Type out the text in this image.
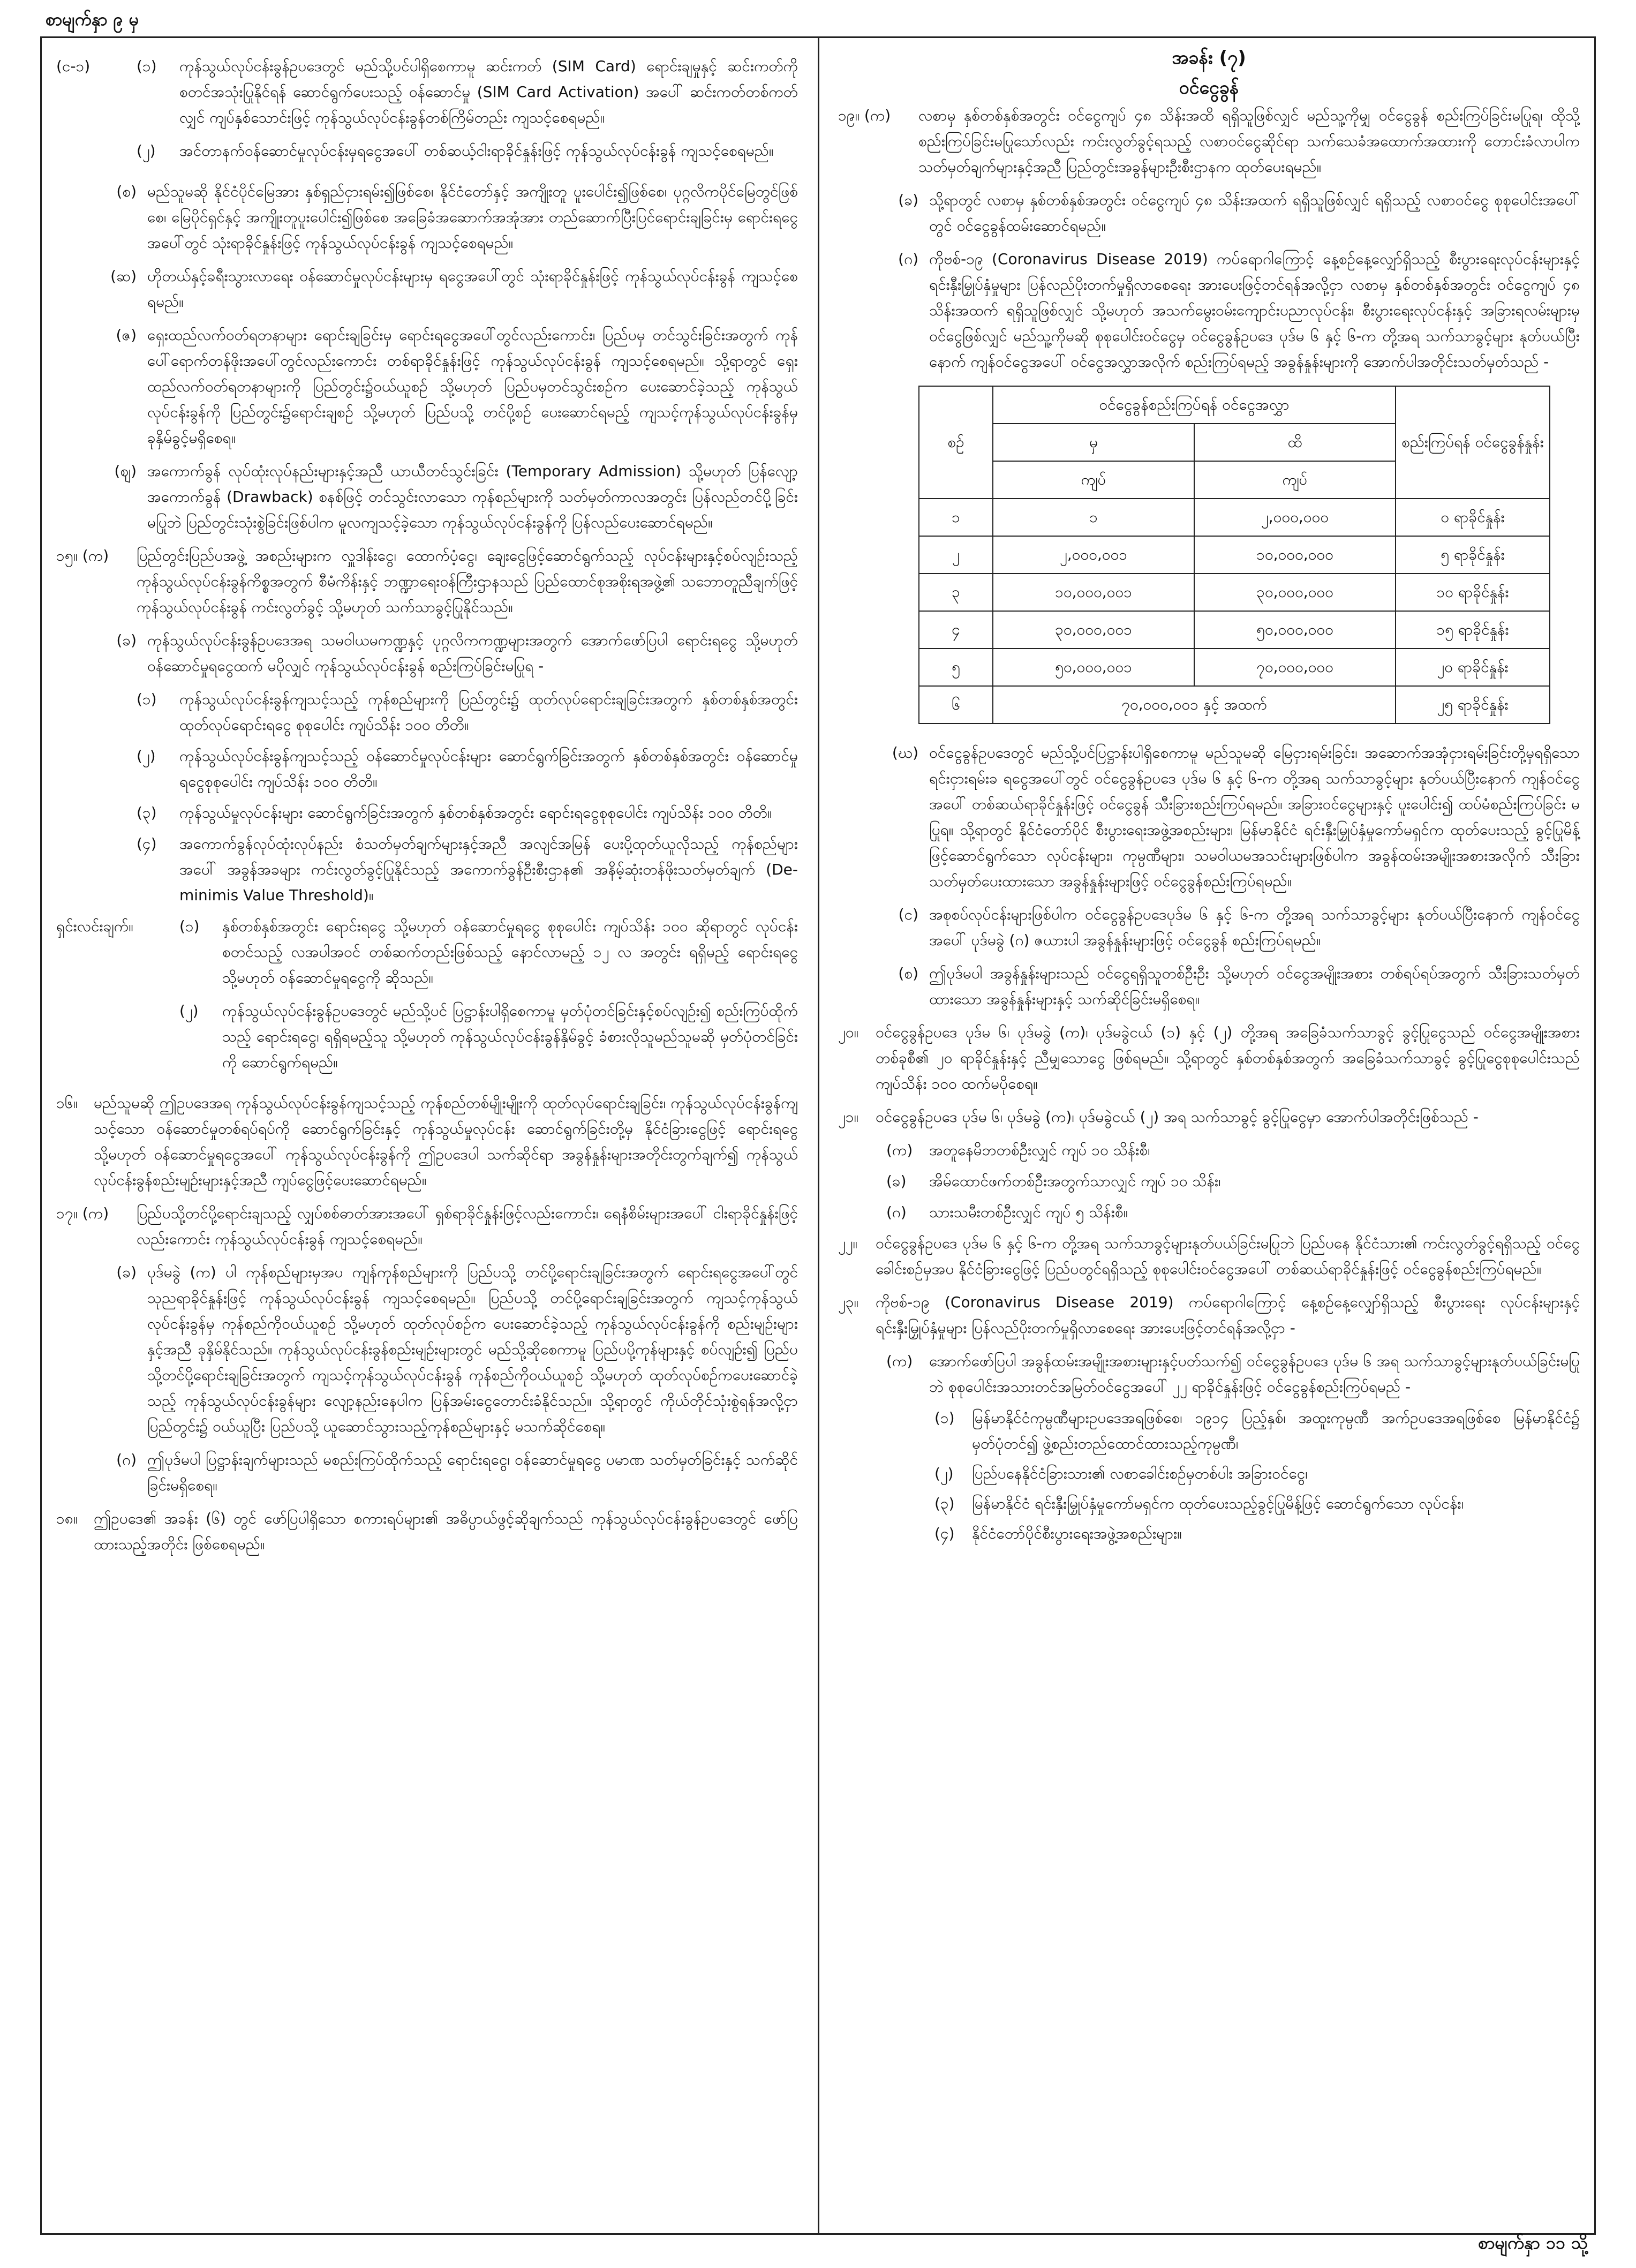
စာမျက်နှာ ၉ မှ
(င-၁)	(၁)	ကုန်သွယ်လုပ်ငန်းခွန်ဥပဒေတွင် မည်သို့ပင်ပါရှိစေကာမူ ဆင်းကတ် (SIM Card) ရောင်းချမှုနှင့် ဆင်းကတ်ကို စတင်အသုံးပြုနိုင်ရန် ဆောင်ရွက်ပေးသည့် ဝန်ဆောင်မှု (SIM Card Activation) အပေါ် ဆင်းကတ်တစ်ကတ်လျှင် ကျပ်နှစ်သောင်းဖြင့် ကုန်သွယ်လုပ်ငန်းခွန်တစ်ကြိမ်တည်း ကျသင့်စေရမည်။
(၂)	အင်တာနက်ဝန်ဆောင်မှုလုပ်ငန်းမှရငွေအပေါ် တစ်ဆယ့်ငါးရာခိုင်နှုန်းဖြင့် ကုန်သွယ်လုပ်ငန်းခွန် ကျသင့်စေရမည်။
(စ) မည်သူမဆို နိုင်ငံပိုင်မြေအား နှစ်ရှည်ငှားရမ်း၍ဖြစ်စေ၊ နိုင်ငံတော်နှင့် အကျိုးတူ ပူးပေါင်း၍ဖြစ်စေ၊ ပုဂ္ဂလိကပိုင်မြေတွင်ဖြစ်စေ၊ မြေပိုင်ရှင်နှင့် အကျိုးတူပူးပေါင်း၍ဖြစ်စေ အခြေခံအဆောက်အအုံအား တည်ဆောက်ပြီးပြင်ရောင်းချခြင်းမှ ရောင်းရငွေအပေါ်တွင် သုံးရာခိုင်နှုန်းဖြင့် ကုန်သွယ်လုပ်ငန်းခွန် ကျသင့်စေရမည်။
(ဆ) ဟိုတယ်နှင့်ခရီးသွားလာရေး ဝန်ဆောင်မှုလုပ်ငန်းများမှ ရငွေအပေါ်တွင် သုံးရာခိုင်နှုန်းဖြင့် ကုန်သွယ်လုပ်ငန်းခွန် ကျသင့်စေရမည်။
(ဇ) ရှေးထည်လက်ဝတ်ရတနာများ ရောင်းချခြင်းမှ ရောင်းရငွေအပေါ်တွင်လည်းကောင်း၊ ပြည်ပမှ တင်သွင်းခြင်းအတွက် ကုန်ပေါ်ရောက်တန်ဖိုးအပေါ်တွင်လည်းကောင်း တစ်ရာခိုင်နှုန်းဖြင့် ကုန်သွယ်လုပ်ငန်းခွန် ကျသင့်စေရမည်။ သို့ရာတွင် ရှေးထည်လက်ဝတ်ရတနာများကို ပြည်တွင်း၌ဝယ်ယူစဉ် သို့မဟုတ် ပြည်ပမှတင်သွင်းစဉ်က ပေးဆောင်ခဲ့သည့် ကုန်သွယ်လုပ်ငန်းခွန်ကို ပြည်တွင်း၌ရောင်းချစဉ် သို့မဟုတ် ပြည်ပသို့ တင်ပို့စဉ် ပေးဆောင်ရမည့် ကျသင့်ကုန်သွယ်လုပ်ငန်းခွန်မှ ခုနှိမ်ခွင့်မရှိစေရ။
(ဈ) အကောက်ခွန် လုပ်ထုံးလုပ်နည်းများနှင့်အညီ ယာယီတင်သွင်းခြင်း (Temporary Admission) သို့မဟုတ် ပြန်လျော့အကောက်ခွန် (Drawback) စနစ်ဖြင့် တင်သွင်းလာသော ကုန်စည်များကို သတ်မှတ်ကာလအတွင်း ပြန်လည်တင်ပို့ခြင်း မပြုဘဲ ပြည်တွင်းသုံးစွဲခြင်းဖြစ်ပါက မူလကျသင့်ခဲ့သော ကုန်သွယ်လုပ်ငန်းခွန်ကို ပြန်လည်ပေးဆောင်ရမည်။
၁၅။ (က)	ပြည်တွင်းပြည်ပအဖွဲ့ အစည်းများက လှူဒါန်းငွေ၊ ထောက်ပံ့ငွေ၊ ချေးငွေဖြင့်ဆောင်ရွက်သည့် လုပ်ငန်းများနှင့်စပ်လျဉ်းသည့် ကုန်သွယ်လုပ်ငန်းခွန်ကိစ္စအတွက် စီမံကိန်းနှင့် ဘဏ္ဍာရေးဝန်ကြီးဌာနသည် ပြည်ထောင်စုအစိုးရအဖွဲ့၏ သဘောတူညီချက်ဖြင့် ကုန်သွယ်လုပ်ငန်းခွန် ကင်းလွတ်ခွင့် သို့မဟုတ် သက်သာခွင့်ပြုနိုင်သည်။
(ခ) ကုန်သွယ်လုပ်ငန်းခွန်ဥပဒေအရ သမဝါယမကဏ္ဍနှင့် ပုဂ္ဂလိကကဏ္ဍများအတွက် အောက်ဖော်ပြပါ ရောင်းရငွေ သို့မဟုတ် ဝန်ဆောင်မှုရငွေထက် မပိုလျှင် ကုန်သွယ်လုပ်ငန်းခွန် စည်းကြပ်ခြင်းမပြုရ -
(၁)	ကုန်သွယ်လုပ်ငန်းခွန်ကျသင့်သည့် ကုန်စည်များကို ပြည်တွင်း၌ ထုတ်လုပ်ရောင်းချခြင်းအတွက် နှစ်တစ်နှစ်အတွင်း ထုတ်လုပ်ရောင်းရငွေ စုစုပေါင်း ကျပ်သိန်း ၁၀၀ တိတိ။
(၂)	ကုန်သွယ်လုပ်ငန်းခွန်ကျသင့်သည့် ဝန်ဆောင်မှုလုပ်ငန်းများ ဆောင်ရွက်ခြင်းအတွက် နှစ်တစ်နှစ်အတွင်း ဝန်ဆောင်မှုရငွေစုစုပေါင်း ကျပ်သိန်း ၁၀၀ တိတိ။
(၃)	ကုန်သွယ်မှုလုပ်ငန်းများ ဆောင်ရွက်ခြင်းအတွက် နှစ်တစ်နှစ်အတွင်း ရောင်းရငွေစုစုပေါင်း ကျပ်သိန်း ၁၀၀ တိတိ။
(၄)	အကောက်ခွန်လုပ်ထုံးလုပ်နည်း စံသတ်မှတ်ချက်များနှင့်အညီ အလျင်အမြန် ပေးပို့ထုတ်ယူလိုသည့် ကုန်စည်များအပေါ် အခွန်အခများ ကင်းလွတ်ခွင့်ပြုနိုင်သည့် အကောက်ခွန်ဦးစီးဌာန၏ အနိမ့်ဆုံးတန်ဖိုးသတ်မှတ်ချက် (De-minimis Value Threshold)။
ရှင်းလင်းချက်။	(၁)	နှစ်တစ်နှစ်အတွင်း ရောင်းရငွေ သို့မဟုတ် ဝန်ဆောင်မှုရငွေ စုစုပေါင်း ကျပ်သိန်း ၁၀၀ ဆိုရာတွင် လုပ်ငန်းစတင်သည့် လအပါအဝင် တစ်ဆက်တည်းဖြစ်သည့် နောင်လာမည့် ၁၂ လ အတွင်း ရရှိမည့် ရောင်းရငွေ သို့မဟုတ် ဝန်ဆောင်မှုရငွေကို ဆိုသည်။
(၂)	ကုန်သွယ်လုပ်ငန်းခွန်ဥပဒေတွင် မည်သို့ပင် ပြဋ္ဌာန်းပါရှိစေကာမူ မှတ်ပုံတင်ခြင်းနှင့်စပ်လျဉ်း၍ စည်းကြပ်ထိုက်သည့် ရောင်းရငွေ၊ ရရှိရမည့်သူ သို့မဟုတ် ကုန်သွယ်လုပ်ငန်းခွန်နှိမ်ခွင့် ခံစားလိုသူမည်သူမဆို မှတ်ပုံတင်ခြင်းကို ဆောင်ရွက်ရမည်။
၁၆။	မည်သူမဆို ဤဥပဒေအရ ကုန်သွယ်လုပ်ငန်းခွန်ကျသင့်သည့် ကုန်စည်တစ်မျိုးမျိုးကို ထုတ်လုပ်ရောင်းချခြင်း၊ ကုန်သွယ်လုပ်ငန်းခွန်ကျသင့်သော ဝန်ဆောင်မှုတစ်ရပ်ရပ်ကို ဆောင်ရွက်ခြင်းနှင့် ကုန်သွယ်မှုလုပ်ငန်း ဆောင်ရွက်ခြင်းတို့မှ နိုင်ငံခြားငွေဖြင့် ရောင်းရငွေ သို့မဟုတ် ဝန်ဆောင်မှုရငွေအပေါ် ကုန်သွယ်လုပ်ငန်းခွန်ကို ဤဥပဒေပါ သက်ဆိုင်ရာ အခွန်နှုန်းများအတိုင်းတွက်ချက်၍ ကုန်သွယ်လုပ်ငန်းခွန်စည်းမျဉ်းများနှင့်အညီ ကျပ်ငွေဖြင့်ပေးဆောင်ရမည်။
၁၇။ (က)	ပြည်ပသို့တင်ပို့ရောင်းချသည့် လျှပ်စစ်ဓာတ်အားအပေါ် ရှစ်ရာခိုင်နှုန်းဖြင့်လည်းကောင်း၊ ရေနံစိမ်းများအပေါ် ငါးရာခိုင်နှုန်းဖြင့်လည်းကောင်း ကုန်သွယ်လုပ်ငန်းခွန် ကျသင့်စေရမည်။
(ခ) ပုဒ်မခွဲ (က) ပါ ကုန်စည်များမှအပ ကျန်ကုန်စည်များကို ပြည်ပသို့ တင်ပို့ရောင်းချခြင်းအတွက် ရောင်းရငွေအပေါ်တွင် သုညရာခိုင်နှုန်းဖြင့် ကုန်သွယ်လုပ်ငန်းခွန် ကျသင့်စေရမည်။ ပြည်ပသို့ တင်ပို့ရောင်းချခြင်းအတွက် ကျသင့်ကုန်သွယ်လုပ်ငန်းခွန်မှ ကုန်စည်ကိုဝယ်ယူစဉ် သို့မဟုတ် ထုတ်လုပ်စဉ်က ပေးဆောင်ခဲ့သည့် ကုန်သွယ်လုပ်ငန်းခွန်ကို စည်းမျဉ်းများနှင့်အညီ ခုနှိမ်နိုင်သည်။ ကုန်သွယ်လုပ်ငန်းခွန်စည်းမျဉ်းများတွင် မည်သို့ဆိုစေကာမူ ပြည်ပပို့ကုန်များနှင့် စပ်လျဉ်း၍ ပြည်ပသို့တင်ပို့ရောင်းချခြင်းအတွက် ကျသင့်ကုန်သွယ်လုပ်ငန်းခွန် ကုန်စည်ကိုဝယ်ယူစဉ် သို့မဟုတ် ထုတ်လုပ်စဉ်ကပေးဆောင်ခဲ့သည့် ကုန်သွယ်လုပ်ငန်းခွန်များ လျော့နည်းနေပါက ပြန်အမ်းငွေတောင်းခံနိုင်သည်။ သို့ရာတွင် ကိုယ်တိုင်သုံးစွဲရန်အလို့ငှာ ပြည်တွင်း၌ ဝယ်ယူပြီး ပြည်ပသို့ ယူဆောင်သွားသည့်ကုန်စည်များနှင့် မသက်ဆိုင်စေရ။
(ဂ) ဤပုဒ်မပါ ပြဋ္ဌာန်းချက်များသည် မစည်းကြပ်ထိုက်သည့် ရောင်းရငွေ၊ ဝန်ဆောင်မှုရငွေ ပမာဏ သတ်မှတ်ခြင်းနှင့် သက်ဆိုင်ခြင်းမရှိစေရ။
၁၈။	ဤဥပဒေ၏ အခန်း (၆) တွင် ဖော်ပြပါရှိသော စကားရပ်များ၏ အဓိပ္ပာယ်ဖွင့်ဆိုချက်သည် ကုန်သွယ်လုပ်ငန်းခွန်ဥပဒေတွင် ဖော်ပြထားသည့်အတိုင်း ဖြစ်စေရမည်။
အခန်း (၇)
ဝင်ငွေခွန်
၁၉။ (က)	လစာမှ နှစ်တစ်နှစ်အတွင်း ဝင်ငွေကျပ် ၄၈ သိန်းအထိ ရရှိသူဖြစ်လျှင် မည်သူ့ကိုမျှ ဝင်ငွေခွန် စည်းကြပ်ခြင်းမပြုရ၊ ထိုသို့ စည်းကြပ်ခြင်းမပြုသော်လည်း ကင်းလွတ်ခွင့်ရသည့် လစာဝင်ငွေဆိုင်ရာ သက်သေခံအထောက်အထားကို တောင်းခံလာပါက သတ်မှတ်ချက်များနှင့်အညီ ပြည်တွင်းအခွန်များဦးစီးဌာနက ထုတ်ပေးရမည်။
(ခ) သို့ရာတွင် လစာမှ နှစ်တစ်နှစ်အတွင်း ဝင်ငွေကျပ် ၄၈ သိန်းအထက် ရရှိသူဖြစ်လျှင် ရရှိသည့် လစာဝင်ငွေ စုစုပေါင်းအပေါ်တွင် ဝင်ငွေခွန်ထမ်းဆောင်ရမည်။
(ဂ) ကိုဗစ်-၁၉ (Coronavirus Disease 2019) ကပ်ရောဂါကြောင့် နေ့စဉ်နေ့လျှော်ရှိသည့် စီးပွားရေးလုပ်ငန်းများနှင့် ရင်းနှီးမြှုပ်နှံမှုများ ပြန်လည်ပိုးတက်မှုရှိလာစေရေး အားပေးဖြင့်တင်ရန်အလို့ငှာ လစာမှ နှစ်တစ်နှစ်အတွင်း ဝင်ငွေကျပ် ၄၈ သိန်းအထက် ရရှိသူဖြစ်လျှင် သို့မဟုတ် အသက်မွေးဝမ်းကျောင်းပညာလုပ်ငန်း၊ စီးပွားရေးလုပ်ငန်းနှင့် အခြားရလမ်းများမှ ဝင်ငွေဖြစ်လျှင် မည်သူ့ကိုမဆို စုစုပေါင်းဝင်ငွေမှ ဝင်ငွေခွန်ဥပဒေ ပုဒ်မ ၆ နှင့် ၆-က တို့အရ သက်သာခွင့်များ နုတ်ပယ်ပြီးနောက် ကျန်ဝင်ငွေအပေါ် ဝင်ငွေအလွှာအလိုက် စည်းကြပ်ရမည့် အခွန်နှုန်းများကို အောက်ပါအတိုင်းသတ်မှတ်သည် -
စဉ်	ဝင်ငွေခွန်စည်းကြပ်ရန် ဝင်ငွေအလွှာ		စည်းကြပ်ရန် ဝင်ငွေခွန်နှုန်း
	မှ	ထိ	
	ကျပ်	ကျပ်	
၁	၁	၂,၀၀၀,၀၀၀	၀ ရာခိုင်နှုန်း
၂	၂,၀၀၀,၀၀၁	၁၀,၀၀၀,၀၀၀	၅ ရာခိုင်နှုန်း
၃	၁၀,၀၀၀,၀၀၁	၃၀,၀၀၀,၀၀၀	၁၀ ရာခိုင်နှုန်း
၄	၃၀,၀၀၀,၀၀၁	၅၀,၀၀၀,၀၀၀	၁၅ ရာခိုင်နှုန်း
၅	၅၀,၀၀၀,၀၀၁	၇၀,၀၀၀,၀၀၀	၂၀ ရာခိုင်နှုန်း
၆	၇၀,၀၀၀,၀၀၁ နှင့် အထက်		၂၅ ရာခိုင်နှုန်း
(ဃ) ဝင်ငွေခွန်ဥပဒေတွင် မည်သို့ပင်ပြဋ္ဌာန်းပါရှိစေကာမူ မည်သူမဆို မြေငှားရမ်းခြင်း၊ အဆောက်အအုံငှားရမ်းခြင်းတို့မှရရှိသော ရင်းငှားရမ်းခ ရငွေအပေါ်တွင် ဝင်ငွေခွန်ဥပဒေ ပုဒ်မ ၆ နှင့် ၆-က တို့အရ သက်သာခွင့်များ နုတ်ပယ်ပြီးနောက် ကျန်ဝင်ငွေအပေါ် တစ်ဆယ်ရာခိုင်နှုန်းဖြင့် ဝင်ငွေခွန် သီးခြားစည်းကြပ်ရမည်။ အခြားဝင်ငွေများနှင့် ပူးပေါင်း၍ ထပ်မံစည်းကြပ်ခြင်း မပြုရ။ သို့ရာတွင် နိုင်ငံတော်ပိုင် စီးပွားရေးအဖွဲ့အစည်းများ၊ မြန်မာနိုင်ငံ ရင်းနှီးမြှုပ်နှံမှုကော်မရှင်က ထုတ်ပေးသည့် ခွင့်ပြုမိန့်ဖြင့်ဆောင်ရွက်သော လုပ်ငန်းများ၊ ကုမ္ပဏီများ၊ သမဝါယမအသင်းများဖြစ်ပါက အခွန်ထမ်းအမျိုးအစားအလိုက် သီးခြားသတ်မှတ်ပေးထားသော အခွန်နှုန်းများဖြင့် ဝင်ငွေခွန်စည်းကြပ်ရမည်။
(င) အစုစပ်လုပ်ငန်းများဖြစ်ပါက ဝင်ငွေခွန်ဥပဒေပုဒ်မ ၆ နှင့် ၆-က တို့အရ သက်သာခွင့်များ နုတ်ပယ်ပြီးနောက် ကျန်ဝင်ငွေအပေါ် ပုဒ်မခွဲ (ဂ) ဇယားပါ အခွန်နှုန်းများဖြင့် ဝင်ငွေခွန် စည်းကြပ်ရမည်။
(စ) ဤပုဒ်မပါ အခွန်နှုန်းများသည် ဝင်ငွေရရှိသူတစ်ဦးဦး သို့မဟုတ် ဝင်ငွေအမျိုးအစား တစ်ရပ်ရပ်အတွက် သီးခြားသတ်မှတ်ထားသော အခွန်နှုန်းများနှင့် သက်ဆိုင်ခြင်းမရှိစေရ။
၂၀။	ဝင်ငွေခွန်ဥပဒေ ပုဒ်မ ၆၊ ပုဒ်မခွဲ (က)၊ ပုဒ်မခွဲငယ် (၁) နှင့် (၂) တို့အရ အခြေခံသက်သာခွင့် ခွင့်ပြုငွေသည် ဝင်ငွေအမျိုးအစားတစ်ခုစီ၏ ၂၀ ရာခိုင်နှုန်းနှင့် ညီမျှသောငွေ ဖြစ်ရမည်။ သို့ရာတွင် နှစ်တစ်နှစ်အတွက် အခြေခံသက်သာခွင့် ခွင့်ပြုငွေစုစုပေါင်းသည် ကျပ်သိန်း ၁၀၀ ထက်မပိုစေရ။
၂၁။	ဝင်ငွေခွန်ဥပဒေ ပုဒ်မ ၆၊ ပုဒ်မခွဲ (က)၊ ပုဒ်မခွဲငယ် (၂) အရ သက်သာခွင့် ခွင့်ပြုငွေမှာ အောက်ပါအတိုင်းဖြစ်သည် -
(က)	အတူနေမိဘတစ်ဦးလျှင် ကျပ် ၁၀ သိန်းစီ၊
(ခ)	အိမ်ထောင်ဖက်တစ်ဦးအတွက်သာလျှင် ကျပ် ၁၀ သိန်း၊
(ဂ)	သားသမီးတစ်ဦးလျှင် ကျပ် ၅ သိန်းစီ။
၂၂။	ဝင်ငွေခွန်ဥပဒေ ပုဒ်မ ၆ နှင့် ၆-က တို့အရ သက်သာခွင့်များနုတ်ပယ်ခြင်းမပြုဘဲ ပြည်ပနေ နိုင်ငံသား၏ ကင်းလွတ်ခွင့်ရရှိသည့် ဝင်ငွေခေါင်းစဉ်မှအပ နိုင်ငံခြားငွေဖြင့် ပြည်ပတွင်ရရှိသည့် စုစုပေါင်းဝင်ငွေအပေါ် တစ်ဆယ်ရာခိုင်နှုန်းဖြင့် ဝင်ငွေခွန်စည်းကြပ်ရမည်။
၂၃။	ကိုဗစ်-၁၉ (Coronavirus Disease 2019) ကပ်ရောဂါကြောင့် နေ့စဉ်နေ့လျှော်ရှိသည့် စီးပွားရေး လုပ်ငန်းများနှင့် ရင်းနှီးမြှုပ်နှံမှုများ ပြန်လည်ပိုးတက်မှုရှိလာစေရေး အားပေးဖြင့်တင်ရန်အလို့ငှာ -
(က)	အောက်ဖော်ပြပါ အခွန်ထမ်းအမျိုးအစားများနှင့်ပတ်သက်၍ ဝင်ငွေခွန်ဥပဒေ ပုဒ်မ ၆ အရ သက်သာခွင့်များနုတ်ပယ်ခြင်းမပြုဘဲ စုစုပေါင်းအသားတင်အမြတ်ဝင်ငွေအပေါ် ၂၂ ရာခိုင်နှုန်းဖြင့် ဝင်ငွေခွန်စည်းကြပ်ရမည် -
(၁)	မြန်မာနိုင်ငံကုမ္ပဏီများဥပဒေအရဖြစ်စေ၊ ၁၉၁၄ ပြည့်နှစ်၊ အထူးကုမ္ပဏီ အက်ဥပဒေအရဖြစ်စေ မြန်မာနိုင်ငံ၌ မှတ်ပုံတင်၍ ဖွဲ့စည်းတည်ထောင်ထားသည့်ကုမ္ပဏီ၊
(၂)	ပြည်ပနေနိုင်ငံခြားသား၏ လစာခေါင်းစဉ်မှတစ်ပါး အခြားဝင်ငွေ၊
(၃)	မြန်မာနိုင်ငံ ရင်းနှီးမြှုပ်နှံမှုကော်မရှင်က ထုတ်ပေးသည့်ခွင့်ပြုမိန့်ဖြင့် ဆောင်ရွက်သော လုပ်ငန်း၊
(၄)	နိုင်ငံတော်ပိုင်စီးပွားရေးအဖွဲ့အစည်းများ။
စာမျက်နှာ ၁၁ သို့
